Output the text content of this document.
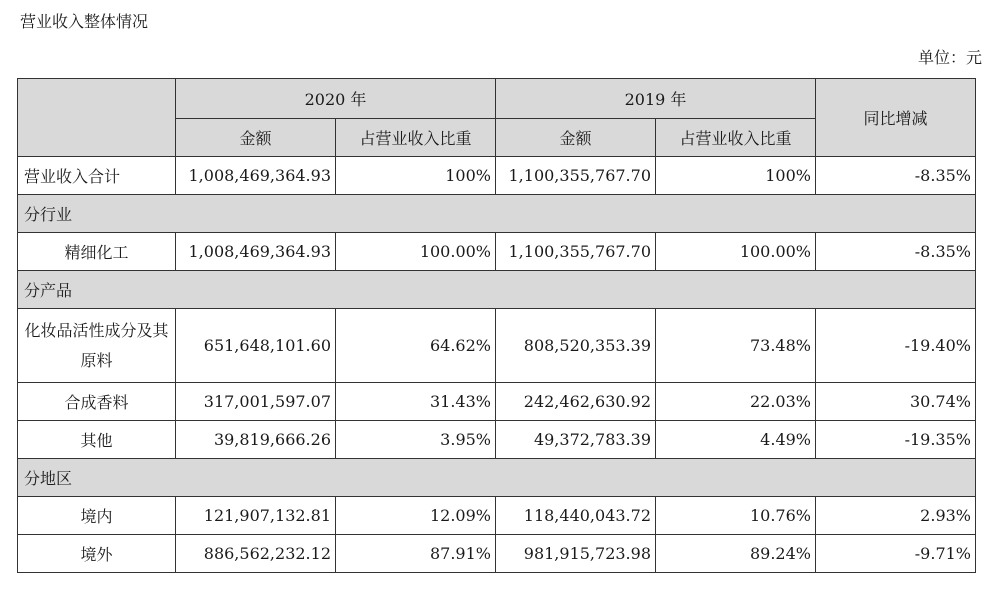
营业收入整体情况
单位：元
	2020 年		2019 年		同比增减
	金额	占营业收入比重	金额	占营业收入比重	
营业收入合计	1,008,469,364.93	100%	1,100,355,767.70	100%	-8.35%
分行业					
精细化工	1,008,469,364.93	100.00%	1,100,355,767.70	100.00%	-8.35%
分产品					
化妆品活性成分及其原料	651,648,101.60	64.62%	808,520,353.39	73.48%	-19.40%
合成香料	317,001,597.07	31.43%	242,462,630.92	22.03%	30.74%
其他	39,819,666.26	3.95%	49,372,783.39	4.49%	-19.35%
分地区					
境内	121,907,132.81	12.09%	118,440,043.72	10.76%	2.93%
境外	886,562,232.12	87.91%	981,915,723.98	89.24%	-9.71%
